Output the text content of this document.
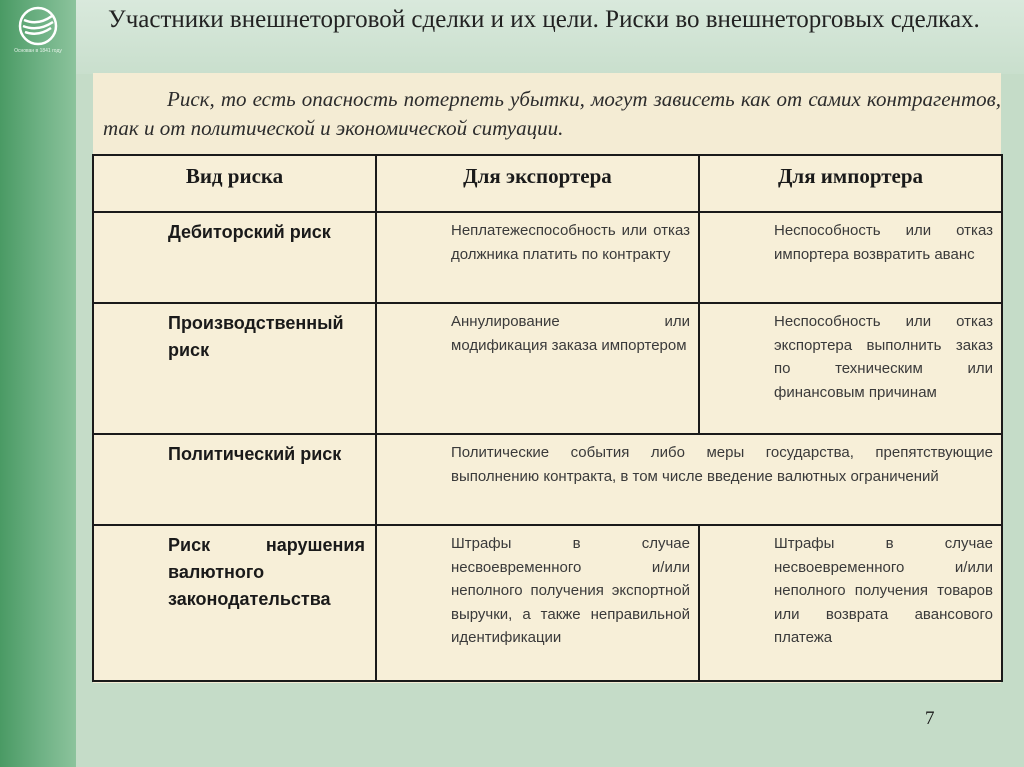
Основан в 1841 году
Участники внешнеторговой сделки и их цели. Риски во внешнеторговых сделках.

Риск, то есть опасность потерпеть убытки, могут зависеть как от самих контрагентов, так и от политической и экономической ситуации.

Вид риска	Для экспортера	Для импортера
Дебиторский риск	Неплатежеспособность или отказ должника платить по контракту	Неспособность или отказ импортера возвратить аванс
Производственный риск	Аннулирование или модификация заказа импортером	Неспособность или отказ экспортера выполнить заказ по техническим или финансовым причинам
Политический риск	Политические события либо меры государства, препятствующие выполнению контракта, в том числе введение валютных ограничений	
Риск нарушения валютного законодательства	Штрафы в случае несвоевременного и/или неполного получения экспортной выручки, а также неправильной идентификации	Штрафы в случае несвоевременного и/или неполного получения товаров или возврата авансового платежа
7
